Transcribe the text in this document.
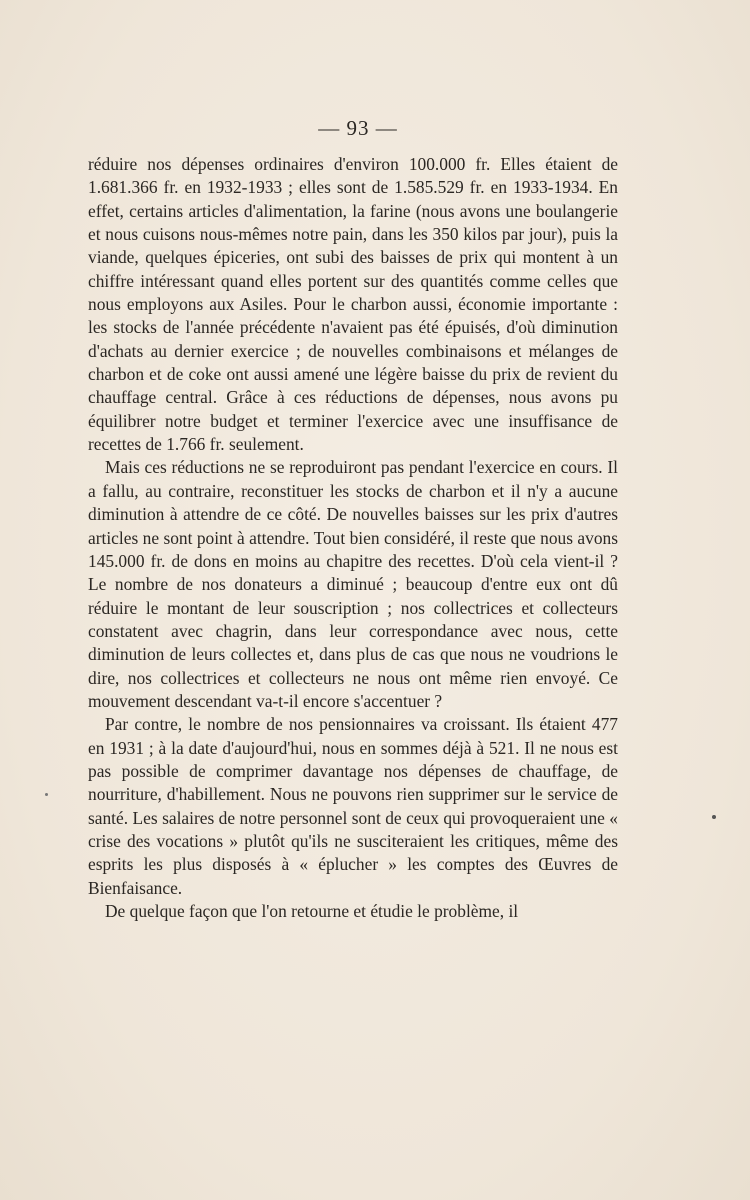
— 93 —

réduire nos dépenses ordinaires d'environ 100.000 fr. Elles étaient de 1.681.366 fr. en 1932-1933 ; elles sont de 1.585.529 fr. en 1933-1934. En effet, certains articles d'alimentation, la farine (nous avons une boulangerie et nous cuisons nous-mêmes notre pain, dans les 350 kilos par jour), puis la viande, quelques épiceries, ont subi des baisses de prix qui montent à un chiffre intéressant quand elles portent sur des quantités comme celles que nous employons aux Asiles. Pour le charbon aussi, économie importante : les stocks de l'année précédente n'avaient pas été épuisés, d'où diminution d'achats au dernier exercice ; de nouvelles combinaisons et mélanges de charbon et de coke ont aussi amené une légère baisse du prix de revient du chauffage central. Grâce à ces réductions de dépenses, nous avons pu équilibrer notre budget et terminer l'exercice avec une insuffisance de recettes de 1.766 fr. seulement.

Mais ces réductions ne se reproduiront pas pendant l'exercice en cours. Il a fallu, au contraire, reconstituer les stocks de charbon et il n'y a aucune diminution à attendre de ce côté. De nouvelles baisses sur les prix d'autres articles ne sont point à attendre. Tout bien considéré, il reste que nous avons 145.000 fr. de dons en moins au chapitre des recettes. D'où cela vient-il ? Le nombre de nos donateurs a diminué ; beaucoup d'entre eux ont dû réduire le montant de leur souscription ; nos collectrices et collecteurs constatent avec chagrin, dans leur correspondance avec nous, cette diminution de leurs collectes et, dans plus de cas que nous ne voudrions le dire, nos collectrices et collecteurs ne nous ont même rien envoyé. Ce mouvement descendant va-t-il encore s'accentuer ?

Par contre, le nombre de nos pensionnaires va croissant. Ils étaient 477 en 1931 ; à la date d'aujourd'hui, nous en sommes déjà à 521. Il ne nous est pas possible de comprimer davantage nos dépenses de chauffage, de nourriture, d'habillement. Nous ne pouvons rien supprimer sur le service de santé. Les salaires de notre personnel sont de ceux qui provoqueraient une « crise des vocations » plutôt qu'ils ne susciteraient les critiques, même des esprits les plus disposés à « éplucher » les comptes des Œuvres de Bienfaisance.

De quelque façon que l'on retourne et étudie le problème, il
